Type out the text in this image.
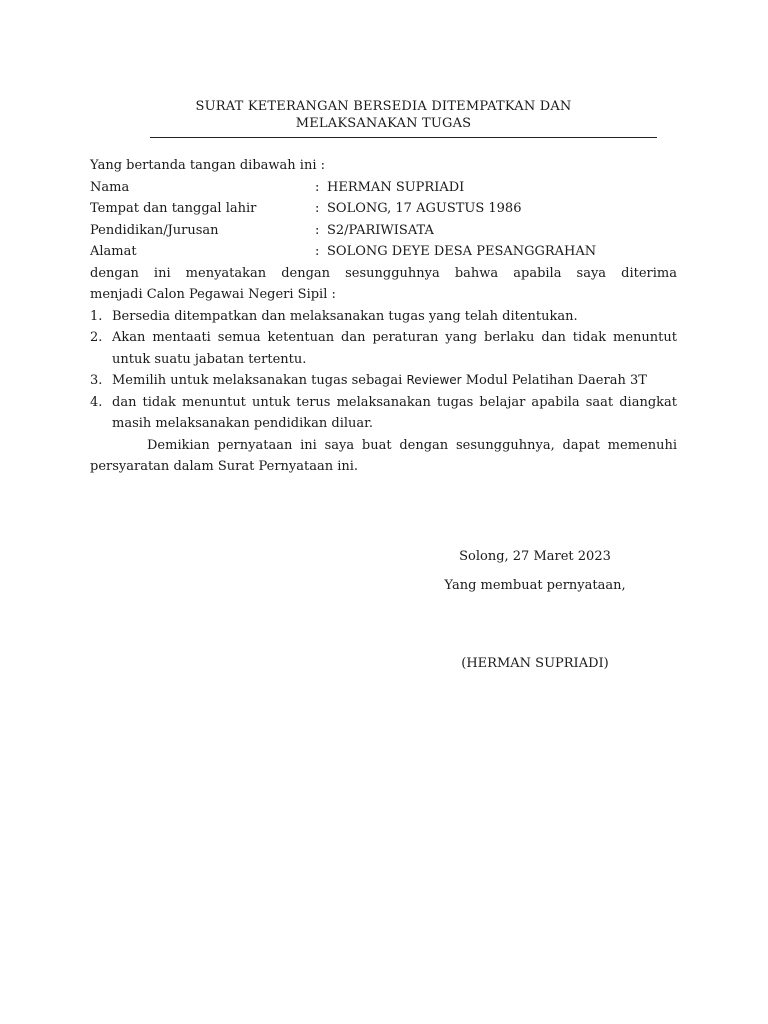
SURAT KETERANGAN BERSEDIA DITEMPATKAN DAN
MELAKSANAKAN TUGAS
Yang bertanda tangan dibawah ini :
Nama	: HERMAN SUPRIADI
Tempat dan tanggal lahir	: SOLONG, 17 AGUSTUS 1986
Pendidikan/Jurusan	: S2/PARIWISATA
Alamat	: SOLONG DEYE DESA PESANGGRAHAN
dengan ini menyatakan dengan sesungguhnya bahwa apabila saya diterima
menjadi Calon Pegawai Negeri Sipil :
1. Bersedia ditempatkan dan melaksanakan tugas yang telah ditentukan.
2. Akan mentaati semua ketentuan dan peraturan yang berlaku dan tidak menuntut untuk suatu jabatan tertentu.
3. Memilih untuk melaksanakan tugas sebagai Reviewer Modul Pelatihan Daerah 3T
4. dan tidak menuntut untuk terus melaksanakan tugas belajar apabila saat diangkat masih melaksanakan pendidikan diluar.
Demikian pernyataan ini saya buat dengan sesungguhnya, dapat memenuhi persyaratan dalam Surat Pernyataan ini.
Solong, 27 Maret 2023
Yang membuat pernyataan,
(HERMAN SUPRIADI)
